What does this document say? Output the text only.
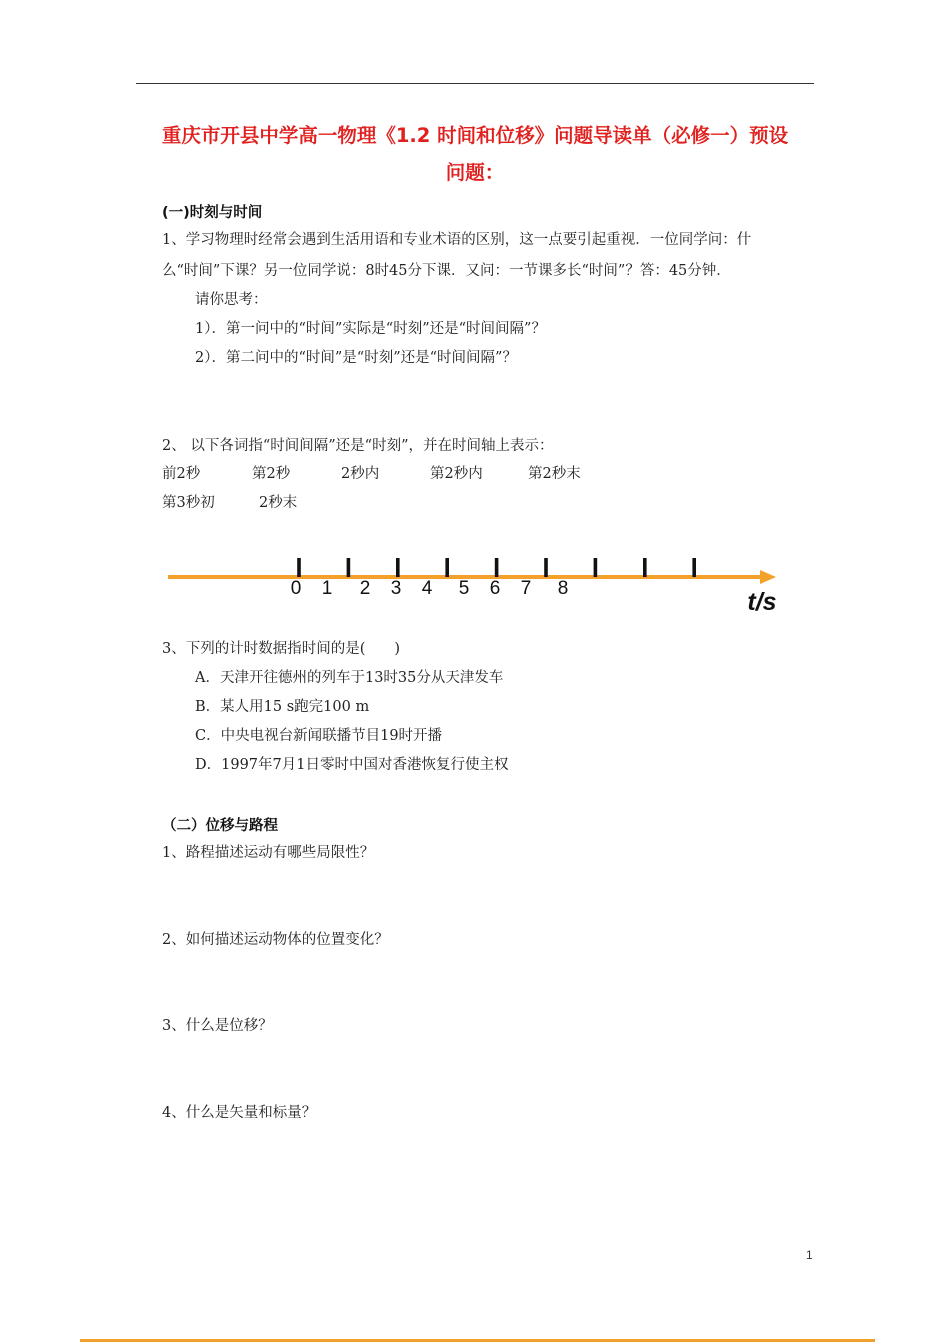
重庆市开县中学高一物理《1.2 时间和位移》问题导读单（必修一）预设
问题：
(一)时刻与时间
1、学习物理时经常会遇到生活用语和专业术语的区别，这一点要引起重视．一位同学问：什
么“时间”下课？另一位同学说：8时45分下课．又问：一节课多长“时间”？答：45分钟．
请你思考：
1）．第一问中的“时间”实际是“时刻”还是“时间间隔”？
2）．第二问中的“时间”是“时刻”还是“时间间隔”？
2、 以下各词指“时间间隔”还是“时刻”，并在时间轴上表示：
前2秒	第2秒	2秒内	第2秒内	第2秒末
第3秒初	2秒末
0 1 2 3 4 5 6 7 8	t/s
3、下列的计时数据指时间的是(　　)
A．天津开往德州的列车于13时35分从天津发车
B．某人用15 s跑完100 m
C．中央电视台新闻联播节目19时开播
D．1997年7月1日零时中国对香港恢复行使主权
（二）位移与路程
1、路程描述运动有哪些局限性？
2、如何描述运动物体的位置变化？
3、什么是位移？
4、什么是矢量和标量？
1
